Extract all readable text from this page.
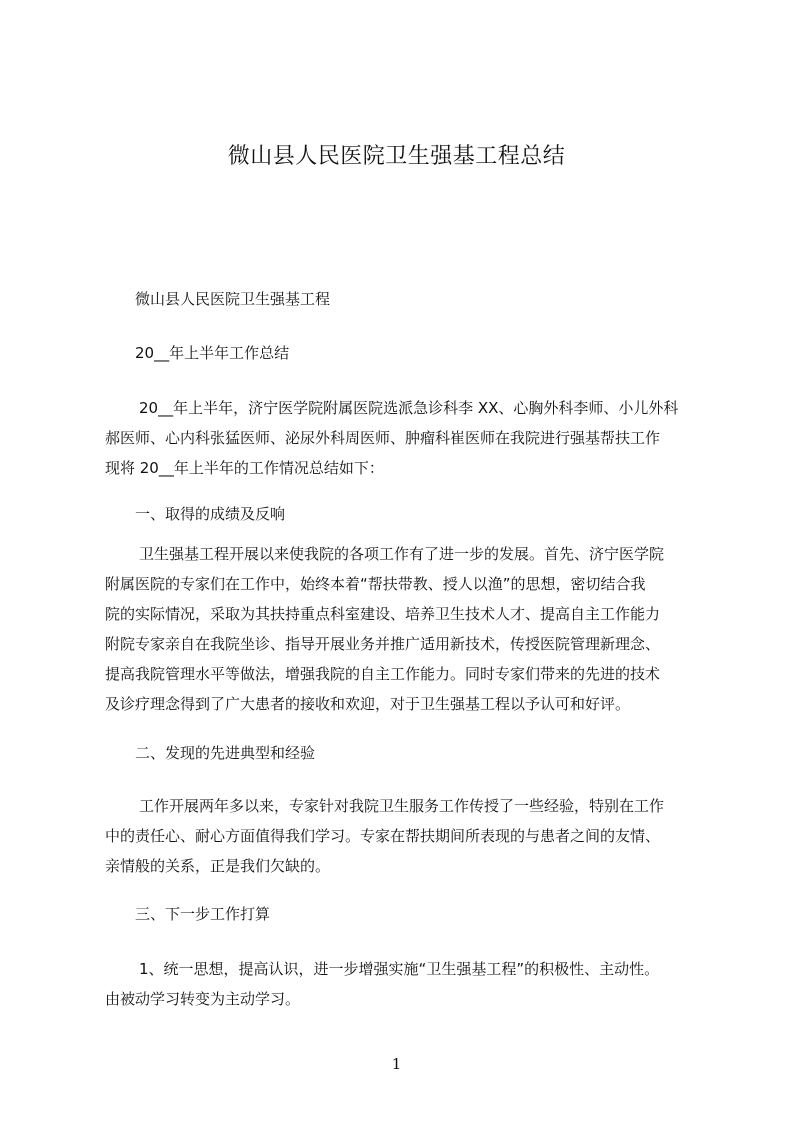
微山县人民医院卫生强基工程总结

微山县人民医院卫生强基工程

20__年上半年工作总结

20__年上半年，济宁医学院附属医院选派急诊科李 XX、心胸外科李师、小儿外科
郝医师、心内科张猛医师、泌尿外科周医师、肿瘤科崔医师在我院进行强基帮扶工作
现将 20__年上半年的工作情况总结如下：

一、取得的成绩及反响

卫生强基工程开展以来使我院的各项工作有了进一步的发展。首先、济宁医学院
附属医院的专家们在工作中，始终本着“帮扶带教、授人以渔”的思想，密切结合我
院的实际情况，采取为其扶持重点科室建设、培养卫生技术人才、提高自主工作能力
附院专家亲自在我院坐诊、指导开展业务并推广适用新技术，传授医院管理新理念、
提高我院管理水平等做法，增强我院的自主工作能力。同时专家们带来的先进的技术
及诊疗理念得到了广大患者的接收和欢迎，对于卫生强基工程以予认可和好评。

二、发现的先进典型和经验

工作开展两年多以来，专家针对我院卫生服务工作传授了一些经验，特别在工作
中的责任心、耐心方面值得我们学习。专家在帮扶期间所表现的与患者之间的友情、
亲情般的关系，正是我们欠缺的。

三、下一步工作打算

1、统一思想，提高认识，进一步增强实施“卫生强基工程”的积极性、主动性。
由被动学习转变为主动学习。

1
